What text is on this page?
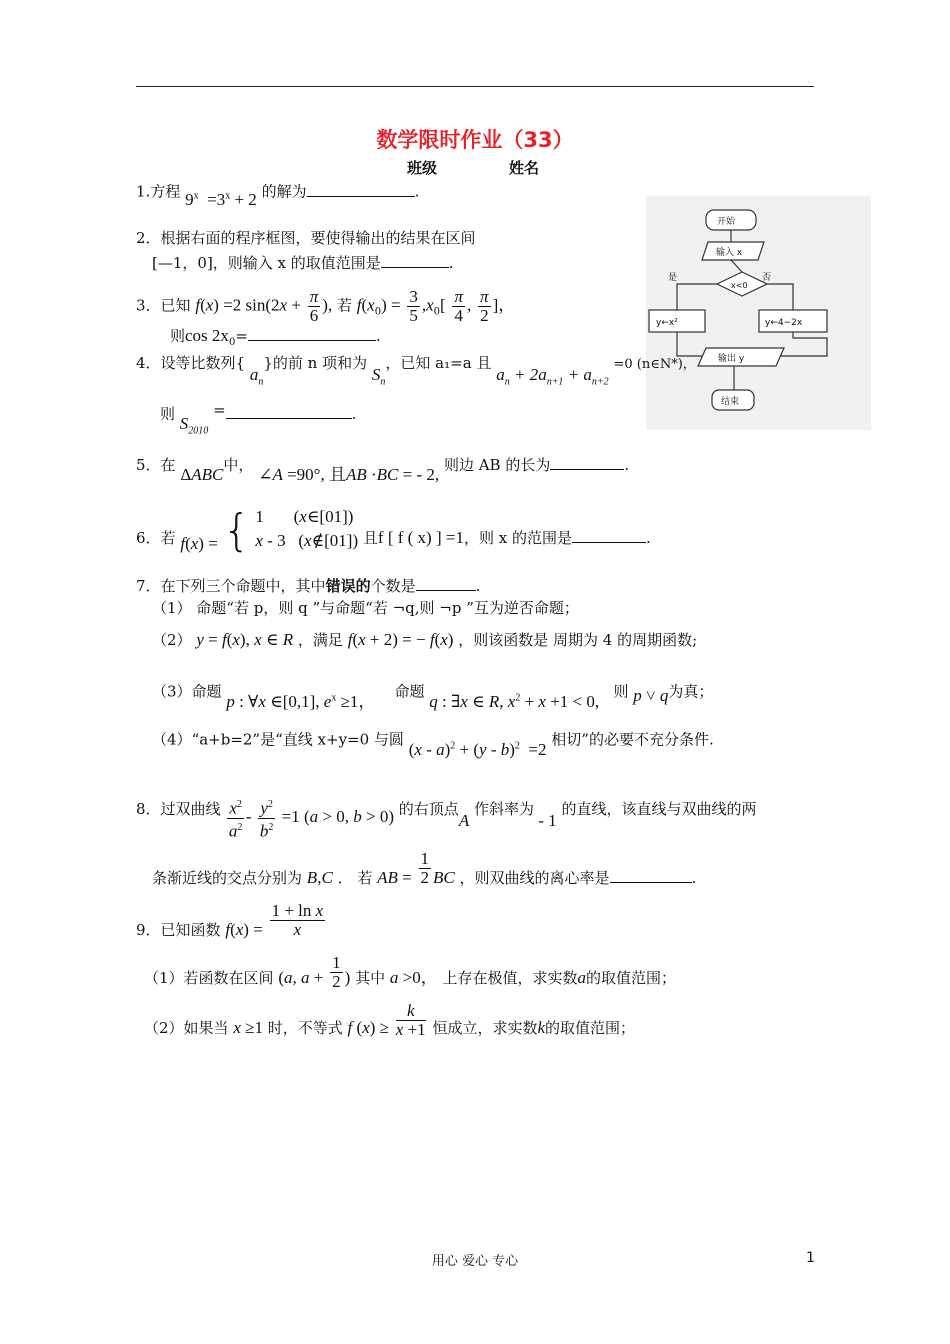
数学限时作业（33）
班级	姓名
开始
输入 x
x<0
是	否
y←x²	y←4−2x
输出 y
结束
1.方程 $9^x =3^x + 2$ 的解为	.
2．根据右面的程序框图，要使得输出的结果在区间
[—1，0]，则输入 x 的取值范围是	.
3．已知 f(x) =2 $\sin(2x + \frac{\pi}{6}$ ), 若 $f(x_0) = \frac{3}{5} ,x_0[ \frac{\pi}{4}$ , $\frac{\pi}{2}$ ]，
则$\cos 2x_0=$	.
4．设等比数列{ $a_n$}的前 n 项和为 $S_n$，已知 a₁=a 且 $a_n + 2a_{n+1} + a_{n+2} =0$ (n∈N*)，
则 $S_{2010}$ =	.
5．在 ΔABC中， ∠A =90°, 且AB ·BC = - 2, 则边 AB 的长为	.
6．若 f(x) = { 1       (x∈[01])
x - 3   (x∉[01]) 且f [ f ( x) ] =1，则 x 的范围是	.
7．在下列三个命题中，其中错误的个数是	.
（1） 命题“若 p，则 q ”与命题“若 ¬q,则 ¬p ”互为逆否命题；
（2） y = f(x), x ∈ R ，满足 f(x + 2) = − f(x) ，则该函数是 周期为 4 的周期函数;
（3）命题 p : ∀x ∈[0,1], $e^x \ge 1$， 命题 q : ∃x ∈ R, $x^2 + x +1 < 0$, 则 p ˅ q为真；
（4）“a+b=2”是“直线 x+y=0 与圆 (x - a)$^2$ + (y - b)$^2$  =2 相切”的必要不充分条件.
8．过双曲线 $\frac{x^2}{a^2} - \frac{y^2}{b^2} =1$ (a > 0, b > 0) 的右顶点A 作斜率为 - 1 的直线，该直线与双曲线的两
条渐近线的交点分别为 B,C ． 若 AB = $\frac{1}{2}$ BC ，则双曲线的离心率是	.
9．已知函数 $f(x) = \frac{\text{1 + ln x}}{x}$
（1）若函数在区间 (a, $a + \frac{1}{2}$ ) 其中 a >0， 上存在极值，求实数a的取值范围；
（2）如果当 x ≥1 时，不等式 f $(x) \ge \frac{k}{x +1}$ 恒成立，求实数k的取值范围；
用心 爱心 专心	1
